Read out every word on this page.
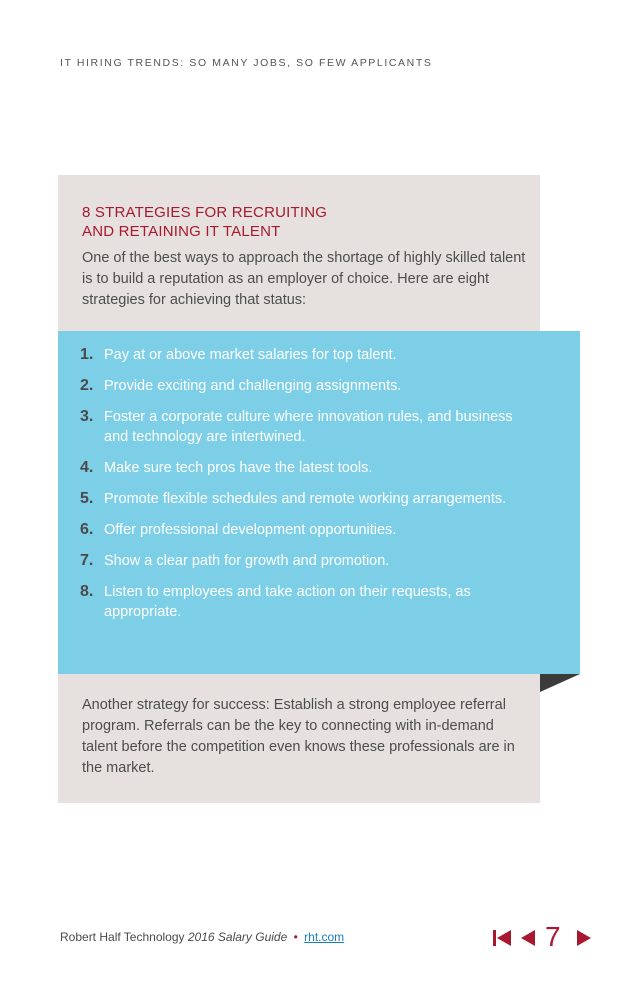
IT HIRING TRENDS: SO MANY JOBS, SO FEW APPLICANTS
8 STRATEGIES FOR RECRUITING
AND RETAINING IT TALENT
One of the best ways to approach the shortage of highly skilled talent is to build a reputation as an employer of choice. Here are eight strategies for achieving that status:
1. Pay at or above market salaries for top talent.
2. Provide exciting and challenging assignments.
3. Foster a corporate culture where innovation rules, and business and technology are intertwined.
4. Make sure tech pros have the latest tools.
5. Promote flexible schedules and remote working arrangements.
6. Offer professional development opportunities.
7. Show a clear path for growth and promotion.
8. Listen to employees and take action on their requests, as appropriate.
Another strategy for success: Establish a strong employee referral program. Referrals can be the key to connecting with in-demand talent before the competition even knows these professionals are in the market.
Robert Half Technology 2016 Salary Guide • rht.com	7
